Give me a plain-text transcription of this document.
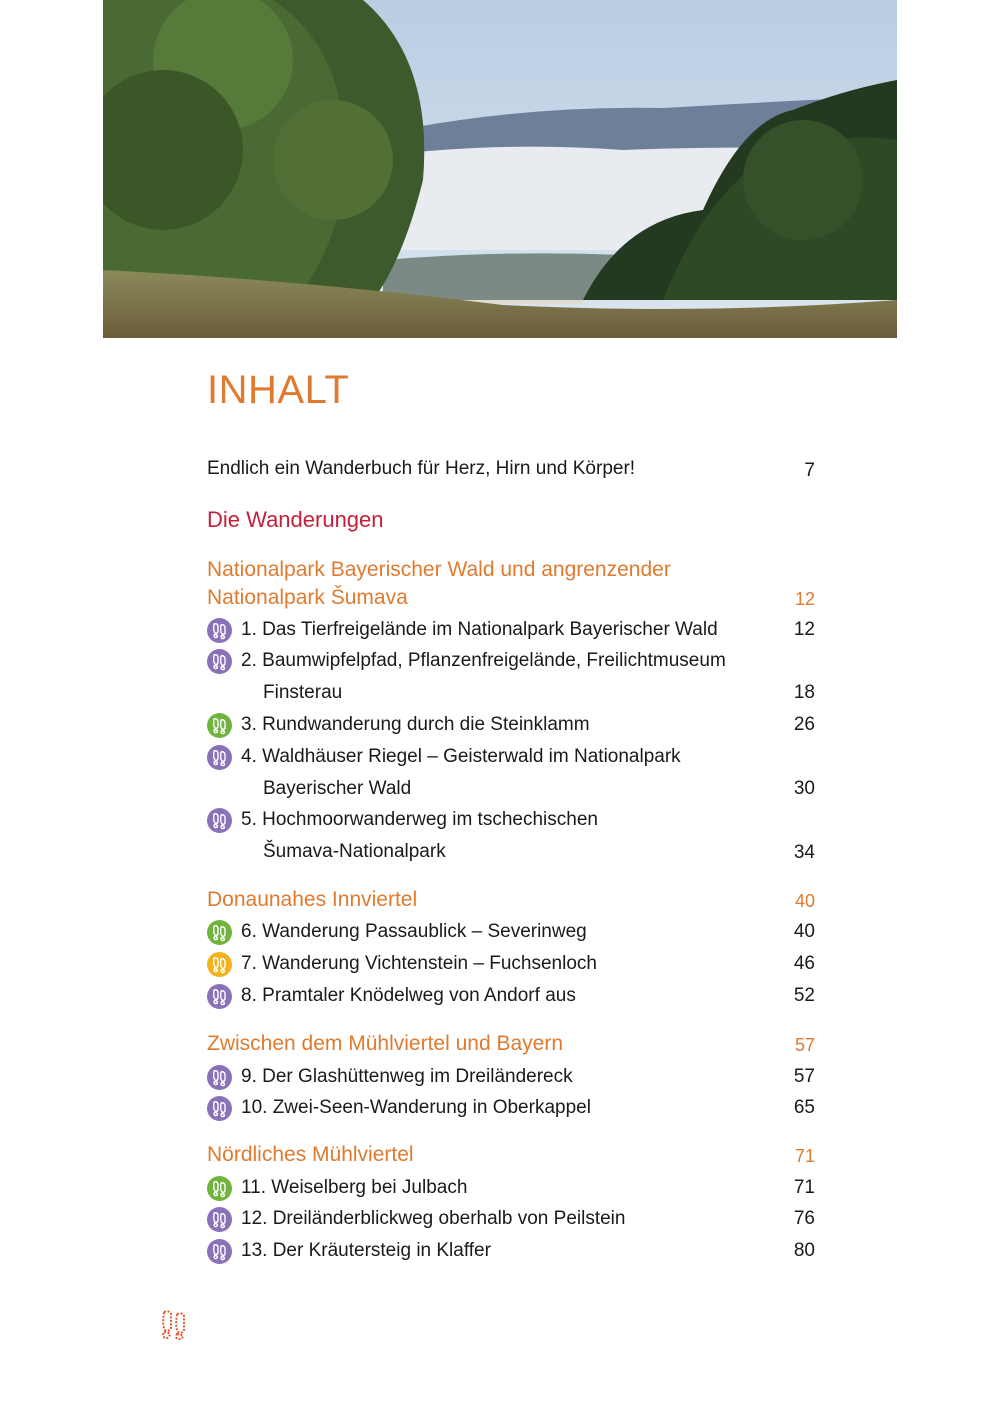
INHALT
Endlich ein Wanderbuch für Herz, Hirn und Körper!	7
Die Wanderungen
Nationalpark Bayerischer Wald und angrenzender
Nationalpark Šumava	12
1. Das Tierfreigelände im Nationalpark Bayerischer Wald	12
2. Baumwipfelpfad, Pflanzenfreigelände, Freilichtmuseum
Finsterau	18
3. Rundwanderung durch die Steinklamm	26
4. Waldhäuser Riegel – Geisterwald im Nationalpark
Bayerischer Wald	30
5. Hochmoorwanderweg im tschechischen
Šumava-Nationalpark	34
Donaunahes Innviertel	40
6. Wanderung Passaublick – Severinweg	40
7. Wanderung Vichtenstein – Fuchsenloch	46
8. Pramtaler Knödelweg von Andorf aus	52
Zwischen dem Mühlviertel und Bayern	57
9. Der Glashüttenweg im Dreiländereck	57
10. Zwei-Seen-Wanderung in Oberkappel	65
Nördliches Mühlviertel	71
11. Weiselberg bei Julbach	71
12. Dreiländerblickweg oberhalb von Peilstein	76
13. Der Kräutersteig in Klaffer	80
